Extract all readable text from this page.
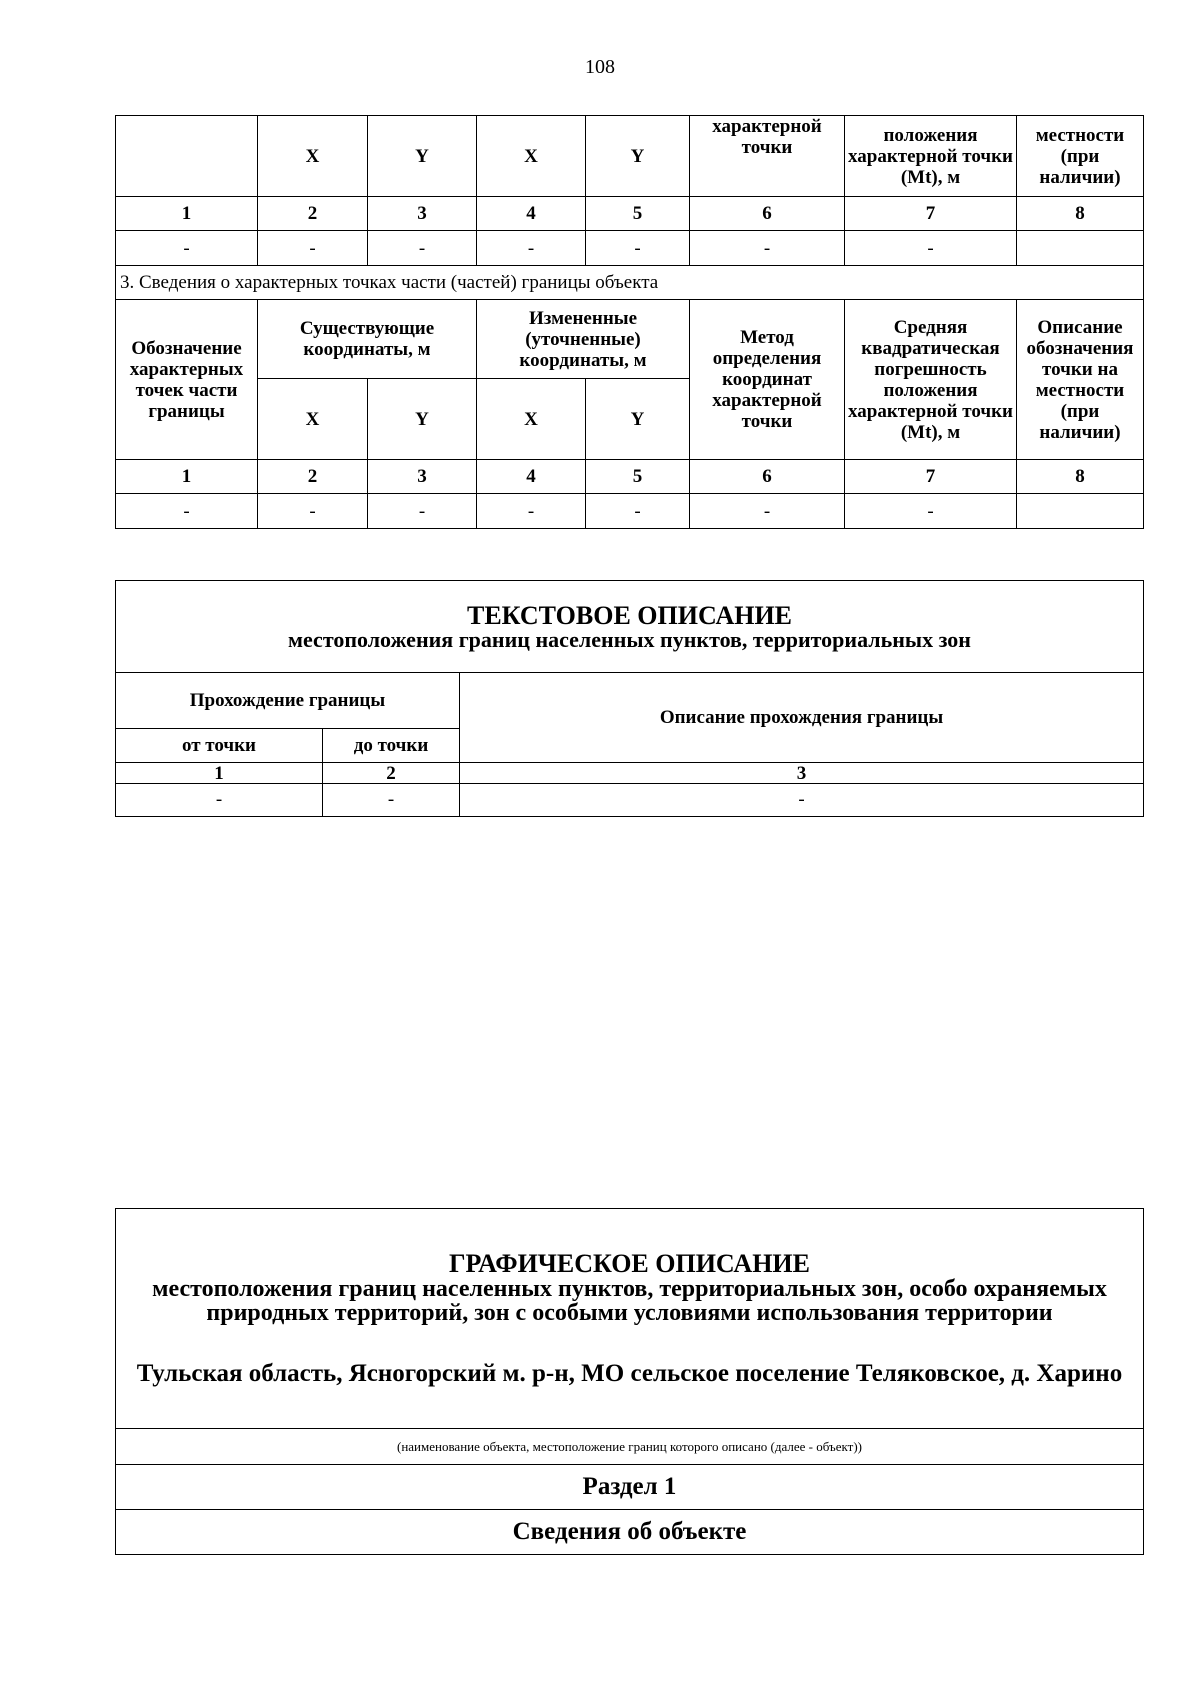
108
	X	Y	X	Y	характерной точки	положения характерной точки (Mt), м	местности (при наличии)
1	2	3	4	5	6	7	8
-	-	-	-	-	-	-	
3. Сведения о характерных точках части (частей) границы объекта							
Обозначение характерных точек части границы	Существующие координаты, м		Измененные (уточненные) координаты, м		Метод определения координат характерной точки	Средняя квадратическая погрешность положения характерной точки (Mt), м	Описание обозначения точки на местности (при наличии)
	X	Y	X	Y			
1	2	3	4	5	6	7	8
-	-	-	-	-	-	-	
ТЕКСТОВОЕ ОПИСАНИЕ
местоположения границ населенных пунктов, территориальных зон		

Прохождение границы		Описание прохождения границы
от точки	до точки	
1	2	3
-	-	-
ГРАФИЧЕСКОЕ ОПИСАНИЕ
местоположения границ населенных пунктов, территориальных зон, особо охраняемых природных территорий, зон с особыми условиями использования территории
Тульская область, Ясногорский м. р-н, МО сельское поселение Теляковское, д. Харино

(наименование объекта, местоположение границ которого описано (далее - объект))
Раздел 1
Сведения об объекте
